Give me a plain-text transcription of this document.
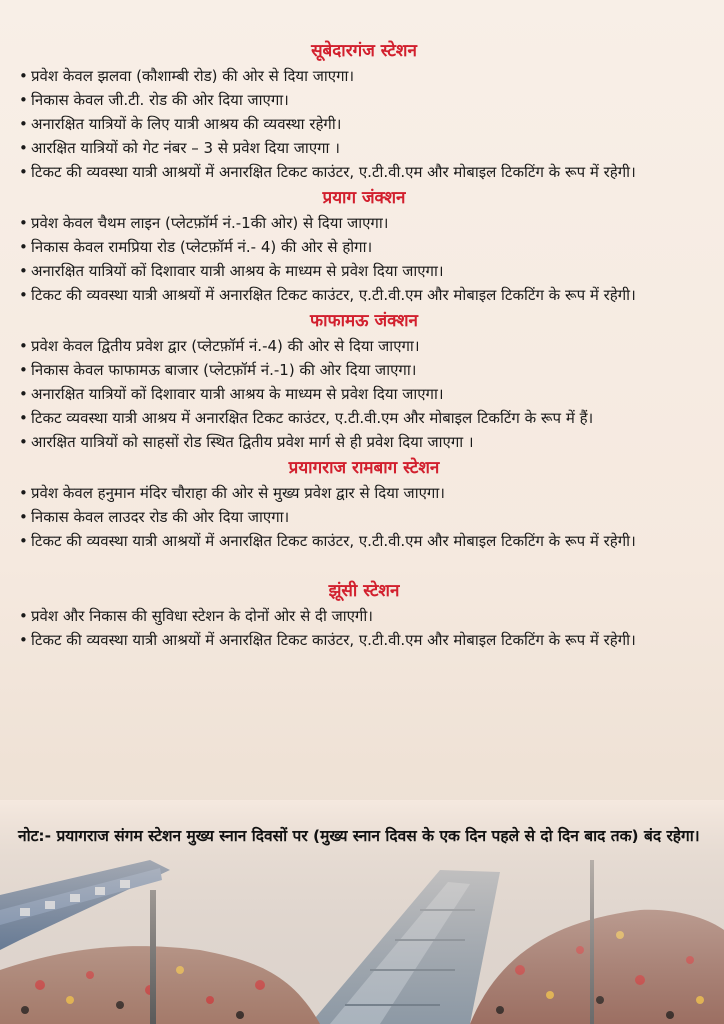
सूबेदारगंज स्टेशन
• प्रवेश केवल झलवा (कौशाम्बी रोड) की ओर से दिया जाएगा।
• निकास केवल जी.टी. रोड की ओर दिया जाएगा।
• अनारक्षित यात्रियों के लिए यात्री आश्रय की व्यवस्था रहेगी।
• आरक्षित यात्रियों को गेट नंबर – 3 से प्रवेश दिया जाएगा ।
• टिकट की व्यवस्था यात्री आश्रयों में अनारक्षित टिकट काउंटर, ए.टी.वी.एम और मोबाइल टिकटिंग के रूप में रहेगी।
प्रयाग जंक्शन
• प्रवेश केवल चैथम लाइन (प्लेटफ़ॉर्म नं.-1की ओर) से दिया जाएगा।
• निकास केवल रामप्रिया रोड (प्लेटफ़ॉर्म नं.- 4) की ओर से होगा।
• अनारक्षित यात्रियों कों दिशावार यात्री आश्रय के माध्यम से प्रवेश दिया जाएगा।
• टिकट की व्यवस्था यात्री आश्रयों में अनारक्षित टिकट काउंटर, ए.टी.वी.एम और मोबाइल टिकटिंग के रूप में रहेगी।
फाफामऊ जंक्शन
• प्रवेश केवल द्वितीय प्रवेश द्वार (प्लेटफ़ॉर्म नं.-4) की ओर से दिया जाएगा।
• निकास केवल फाफामऊ बाजार (प्लेटफ़ॉर्म नं.-1) की ओर दिया जाएगा।
• अनारक्षित यात्रियों कों दिशावार यात्री आश्रय के माध्यम से प्रवेश दिया जाएगा।
• टिकट व्यवस्था यात्री आश्रय में अनारक्षित टिकट काउंटर, ए.टी.वी.एम और मोबाइल टिकटिंग के रूप में हैं।
• आरक्षित यात्रियों को साहसों रोड स्थित द्वितीय प्रवेश मार्ग से ही प्रवेश दिया जाएगा ।
प्रयागराज रामबाग स्टेशन
• प्रवेश केवल हनुमान मंदिर चौराहा की ओर से मुख्य प्रवेश द्वार से दिया जाएगा।
• निकास केवल लाउदर रोड की ओर दिया जाएगा।
• टिकट की व्यवस्था यात्री आश्रयों में अनारक्षित टिकट काउंटर, ए.टी.वी.एम और मोबाइल टिकटिंग के रूप में रहेगी।
झूंसी स्टेशन
• प्रवेश और निकास की सुविधा स्टेशन के दोनों ओर से दी जाएगी।
• टिकट की व्यवस्था यात्री आश्रयों में अनारक्षित टिकट काउंटर, ए.टी.वी.एम और मोबाइल टिकटिंग के रूप में रहेगी।
नोट:- प्रयागराज संगम स्टेशन मुख्य स्नान दिवसों पर (मुख्य स्नान दिवस के एक दिन पहले से दो दिन बाद तक) बंद रहेगा।
